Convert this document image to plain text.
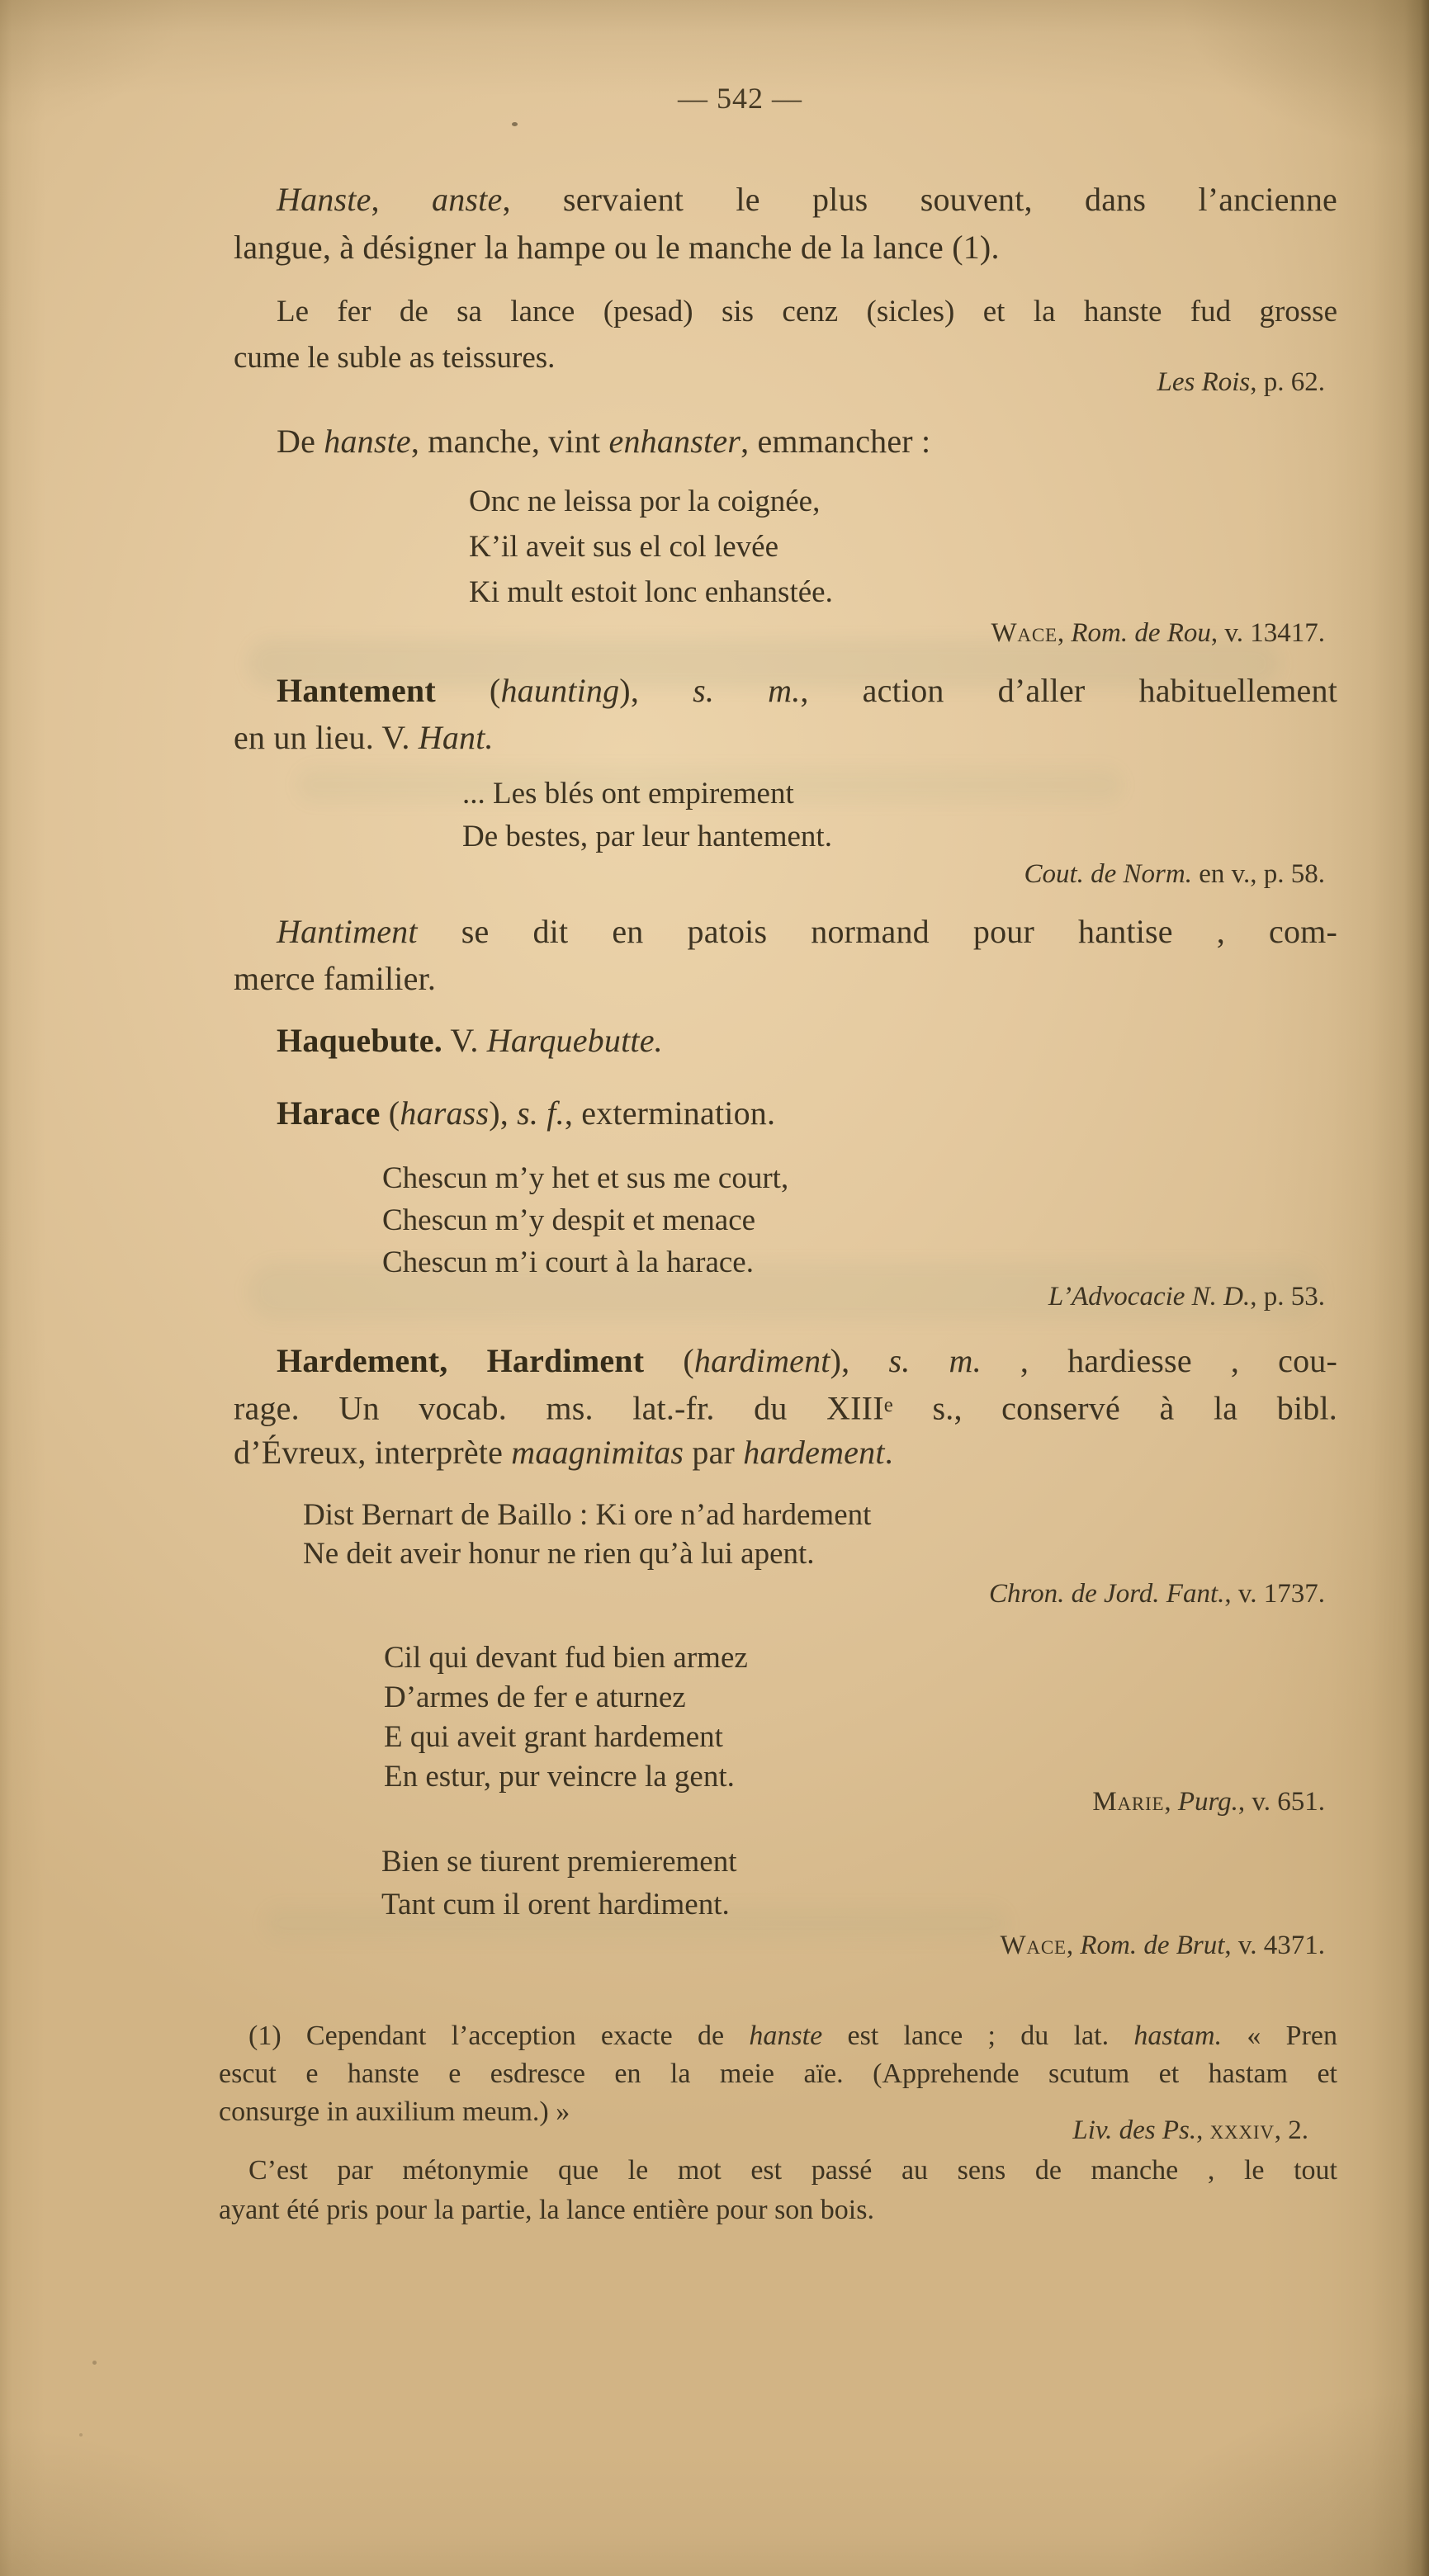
— 542 —
Hanste, anste, servaient le plus souvent, dans l’ancienne
langue, à désigner la hampe ou le manche de la lance (1).
Le fer de sa lance (pesad) sis cenz (sicles) et la hanste fud grosse
cume le suble as teissures.
Les Rois, p. 62.
De hanste, manche, vint enhanster, emmancher :
Onc ne leissa por la coignée,
K’il aveit sus el col levée
Ki mult estoit lonc enhanstée.
Wace, Rom. de Rou, v. 13417.
Hantement (haunting), s. m., action d’aller habituellement
en un lieu. V. Hant.
... Les blés ont empirement
De bestes, par leur hantement.
Cout. de Norm. en v., p. 58.
Hantiment se dit en patois normand pour hantise , com-
merce familier.
Haquebute. V. Harquebutte.
Harace (harass), s. f., extermination.
Chescun m’y het et sus me court,
Chescun m’y despit et menace
Chescun m’i court à la harace.
L’Advocacie N. D., p. 53.
Hardement, Hardiment (hardiment), s. m. , hardiesse , cou-
rage. Un vocab. ms. lat.-fr. du XIIIe s., conservé à la bibl.
d’Évreux, interprète maagnimitas par hardement.
Dist Bernart de Baillo : Ki ore n’ad hardement
Ne deit aveir honur ne rien qu’à lui apent.
Chron. de Jord. Fant., v. 1737.
Cil qui devant fud bien armez
D’armes de fer e aturnez
E qui aveit grant hardement
En estur, pur veincre la gent.
Marie, Purg., v. 651.
Bien se tiurent premierement
Tant cum il orent hardiment.
Wace, Rom. de Brut, v. 4371.
(1) Cependant l’acception exacte de hanste est lance ; du lat. hastam. « Pren
escut e hanste e esdresce en la meie aïe. (Apprehende scutum et hastam et
consurge in auxilium meum.) »
Liv. des Ps., xxxiv, 2.
C’est par métonymie que le mot est passé au sens de manche , le tout
ayant été pris pour la partie, la lance entière pour son bois.
